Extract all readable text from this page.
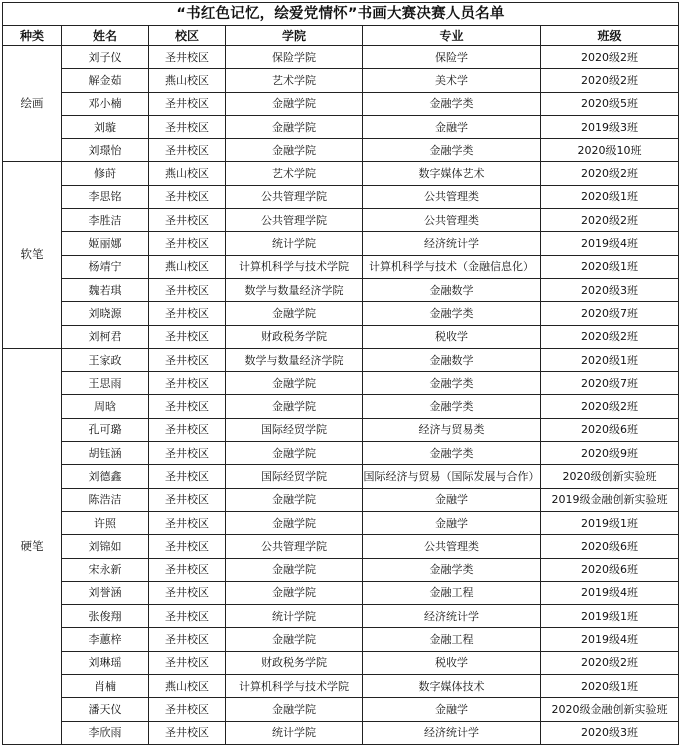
“书红色记忆，绘爱党情怀”书画大赛决赛人员名单					
种类	姓名	校区	学院	专业	班级
绘画	刘子仪	圣井校区	保险学院	保险学	2020级2班
	解金茹	燕山校区	艺术学院	美术学	2020级2班
	邓小楠	圣井校区	金融学院	金融学类	2020级5班
	刘璇	圣井校区	金融学院	金融学	2019级3班
	刘璟怡	圣井校区	金融学院	金融学类	2020级10班
软笔	修莳	燕山校区	艺术学院	数字媒体艺术	2020级2班
	李思铭	圣井校区	公共管理学院	公共管理类	2020级1班
	李胜洁	圣井校区	公共管理学院	公共管理类	2020级2班
	姬丽娜	圣井校区	统计学院	经济统计学	2019级4班
	杨靖宁	燕山校区	计算机科学与技术学院	计算机科学与技术（金融信息化）	2020级1班
	魏若琪	圣井校区	数学与数量经济学院	金融数学	2020级3班
	刘晓源	圣井校区	金融学院	金融学类	2020级7班
	刘柯君	圣井校区	财政税务学院	税收学	2020级2班
硬笔	王家政	圣井校区	数学与数量经济学院	金融数学	2020级1班
	王思雨	圣井校区	金融学院	金融学类	2020级7班
	周晗	圣井校区	金融学院	金融学类	2020级2班
	孔可璐	圣井校区	国际经贸学院	经济与贸易类	2020级6班
	胡钰涵	圣井校区	金融学院	金融学类	2020级9班
	刘德鑫	圣井校区	国际经贸学院	国际经济与贸易（国际发展与合作）	2020级创新实验班
	陈浩洁	圣井校区	金融学院	金融学	2019级金融创新实验班
	许照	圣井校区	金融学院	金融学	2019级1班
	刘锦如	圣井校区	公共管理学院	公共管理类	2020级6班
	宋永新	圣井校区	金融学院	金融学类	2020级6班
	刘誉涵	圣井校区	金融学院	金融工程	2019级4班
	张俊翔	圣井校区	统计学院	经济统计学	2019级1班
	李蕙梓	圣井校区	金融学院	金融工程	2019级4班
	刘琳瑶	圣井校区	财政税务学院	税收学	2020级2班
	肖楠	燕山校区	计算机科学与技术学院	数字媒体技术	2020级1班
	潘天仪	圣井校区	金融学院	金融学	2020级金融创新实验班
	李欣雨	圣井校区	统计学院	经济统计学	2020级3班
